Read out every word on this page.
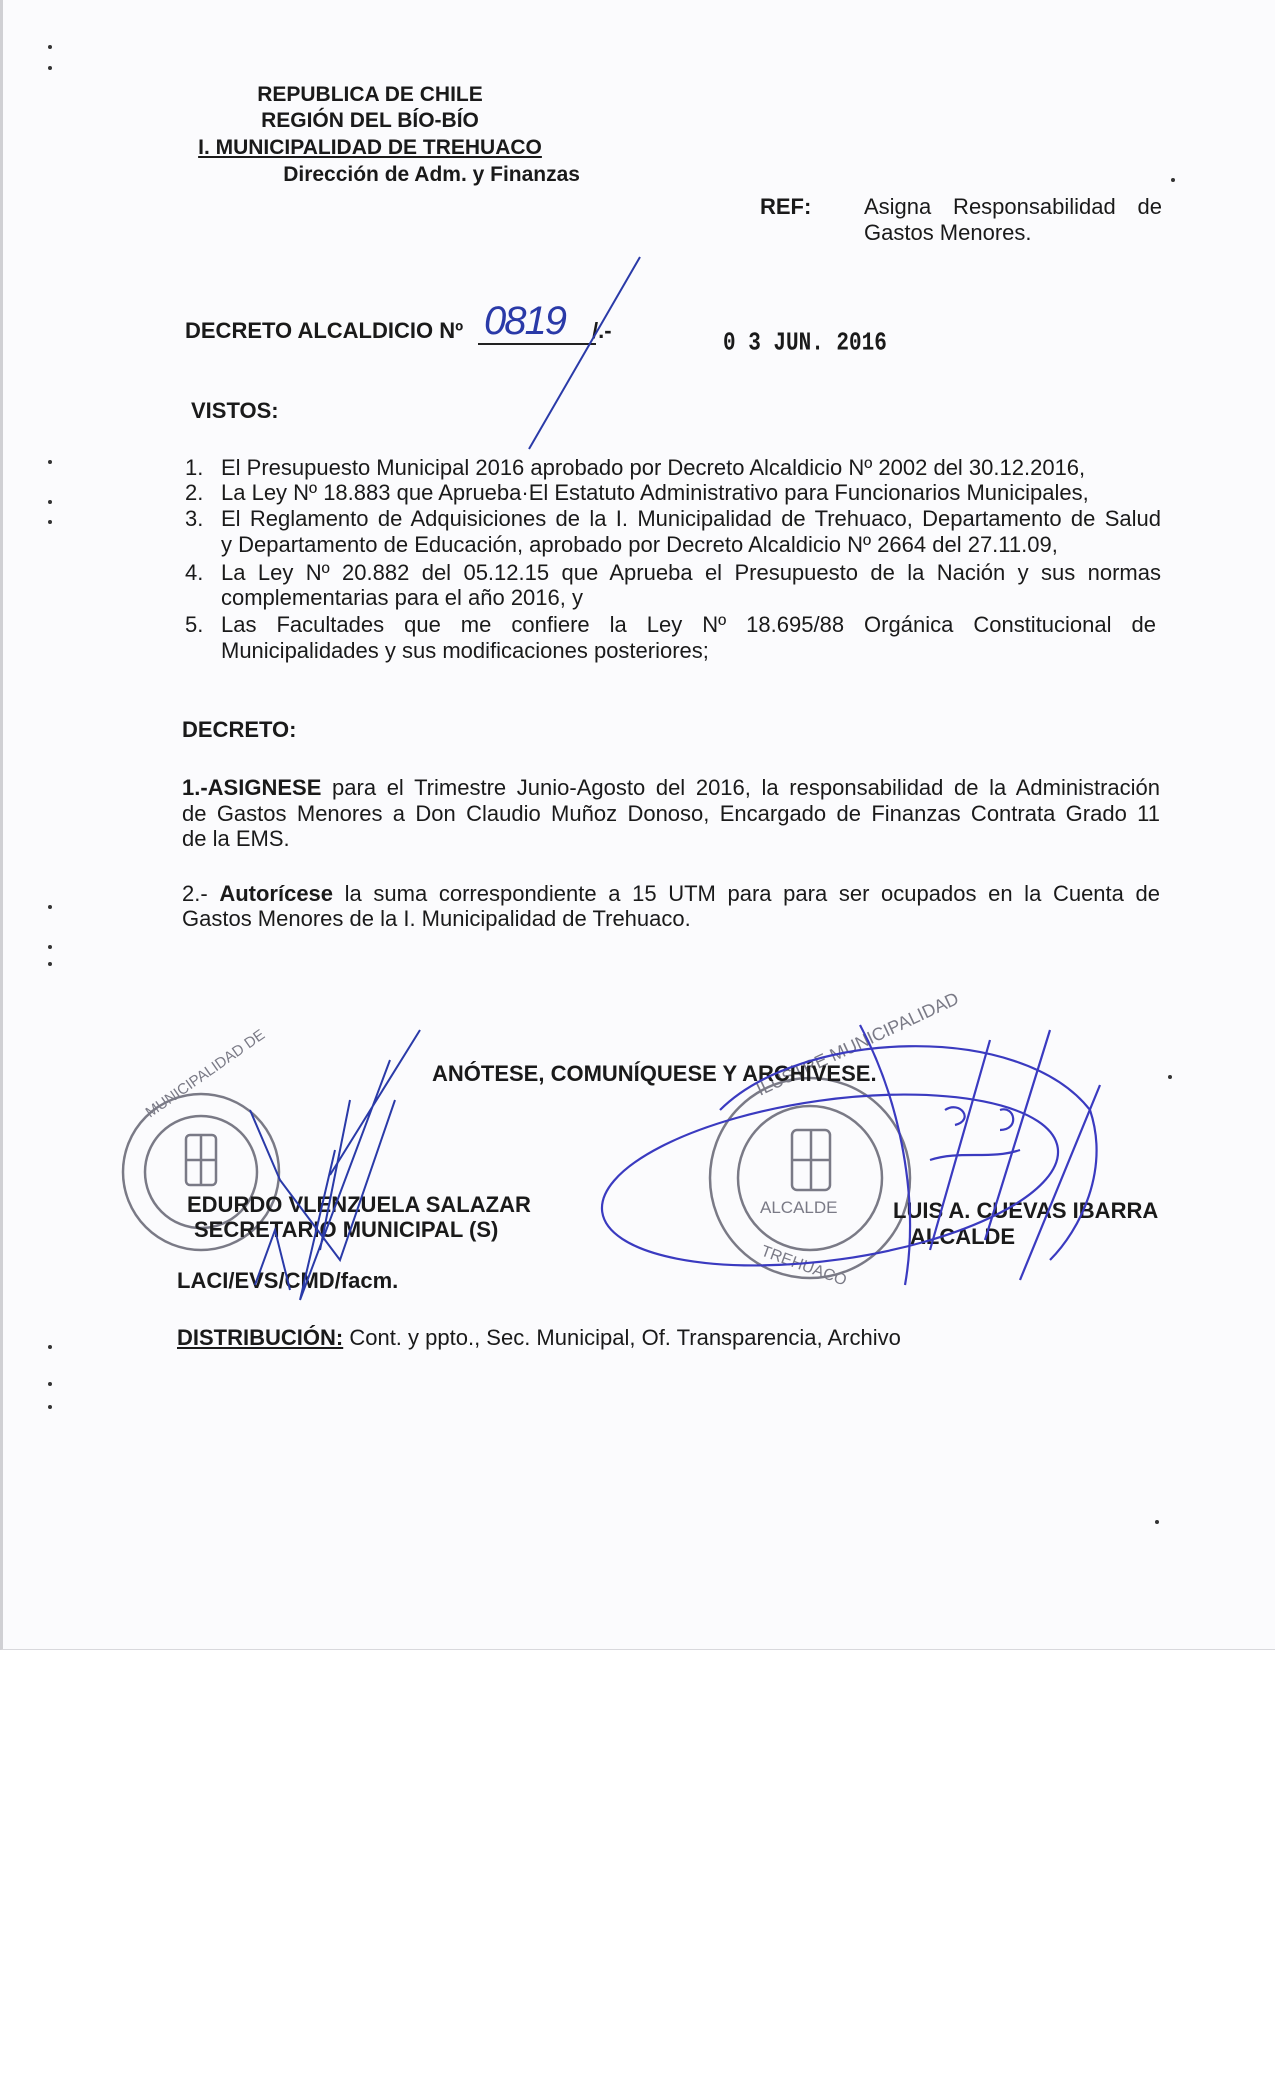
REPUBLICA DE CHILE
REGIÓN DEL BÍO-BÍO
I. MUNICIPALIDAD DE TREHUACO
Dirección de Adm. y Finanzas
REF: Asigna Responsabilidad de
Gastos Menores.
DECRETO ALCALDICIO Nº 0819 /.-	0 3 JUN. 2016
VISTOS:
1. El Presupuesto Municipal 2016 aprobado por Decreto Alcaldicio Nº 2002 del 30.12.2016,
2. La Ley Nº 18.883 que Aprueba·El Estatuto Administrativo para Funcionarios Municipales,
3. El Reglamento de Adquisiciones de la I. Municipalidad de Trehuaco, Departamento de Salud
y Departamento de Educación, aprobado por Decreto Alcaldicio Nº 2664 del 27.11.09,
4. La Ley Nº 20.882 del 05.12.15 que Aprueba el Presupuesto de la Nación y sus normas
complementarias para el año 2016, y
5. Las Facultades que me confiere la Ley Nº 18.695/88 Orgánica Constitucional de
Municipalidades y sus modificaciones posteriores;
DECRETO:
1.-ASIGNESE para el Trimestre Junio-Agosto del 2016, la responsabilidad de la Administración
de Gastos Menores a Don Claudio Muñoz Donoso, Encargado de Finanzas Contrata Grado 11
de la EMS.
2.- Autorícese la suma correspondiente a 15 UTM para para ser ocupados en la Cuenta de
Gastos Menores de la I. Municipalidad de Trehuaco.
MUNICIPALIDAD DE	ILUSTRE MUNICIPALIDAD
ALCALDE
TREHUACO
ANÓTESE, COMUNÍQUESE Y ARCHÍVESE.
EDURDO VLENZUELA SALAZAR
SECRETARIO MUNICIPAL (S)
LUIS A. CUEVAS IBARRA
ALCALDE
LACI/EVS/CMD/facm.
DISTRIBUCIÓN: Cont. y ppto., Sec. Municipal, Of. Transparencia, Archivo
